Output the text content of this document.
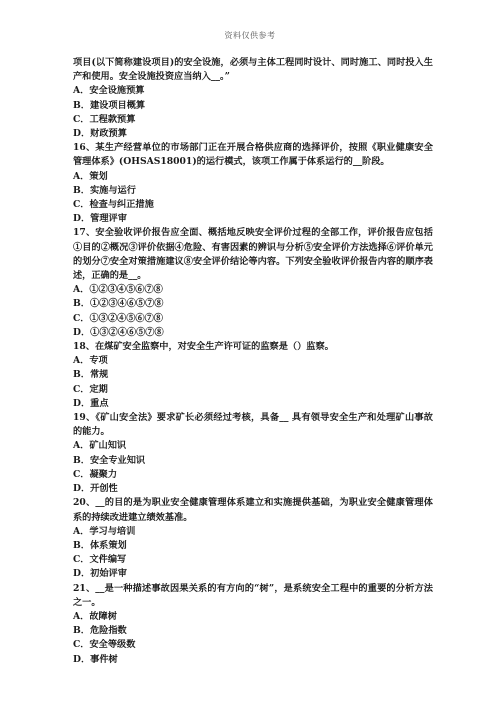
资料仅供参考

项目(以下简称建设项目)的安全设施，必须与主体工程同时设计、同时施工、同时投入生产和使用。安全设施投资应当纳入__。”

A．安全设施预算

B．建设项目概算

C．工程款预算

D．财政预算

16、某生产经营单位的市场部门正在开展合格供应商的选择评价，按照《职业健康安全管理体系》(OHSAS18001)的运行模式，该项工作属于体系运行的__阶段。

A．策划

B．实施与运行

C．检查与纠正措施

D．管理评审

17、安全验收评价报告应全面、概括地反映安全评价过程的全部工作，评价报告应包括①目的②概况③评价依据④危险、有害因素的辨识与分析⑤安全评价方法选择⑥评价单元的划分⑦安全对策措施建议⑧安全评价结论等内容。下列安全验收评价报告内容的顺序表述，正确的是__。

A．①②③④⑤⑥⑦⑧

B．①②③④⑥⑤⑦⑧

C．①③②④⑤⑥⑦⑧

D．①③②④⑥⑤⑦⑧

18、在煤矿安全监察中，对安全生产许可证的监察是（）监察。

A．专项

B．常规

C．定期

D．重点

19、《矿山安全法》要求矿长必须经过考核，具备__ 具有领导安全生产和处理矿山事故的能力。

A．矿山知识

B．安全专业知识

C．凝聚力

D．开创性

20、__的目的是为职业安全健康管理体系建立和实施提供基础，为职业安全健康管理体系的持续改进建立绩效基准。

A．学习与培训

B．体系策划

C．文件编写

D．初始评审

21、__是一种描述事故因果关系的有方向的“树”，是系统安全工程中的重要的分析方法之一。

A．故障树

B．危险指数

C．安全等级数

D．事件树
